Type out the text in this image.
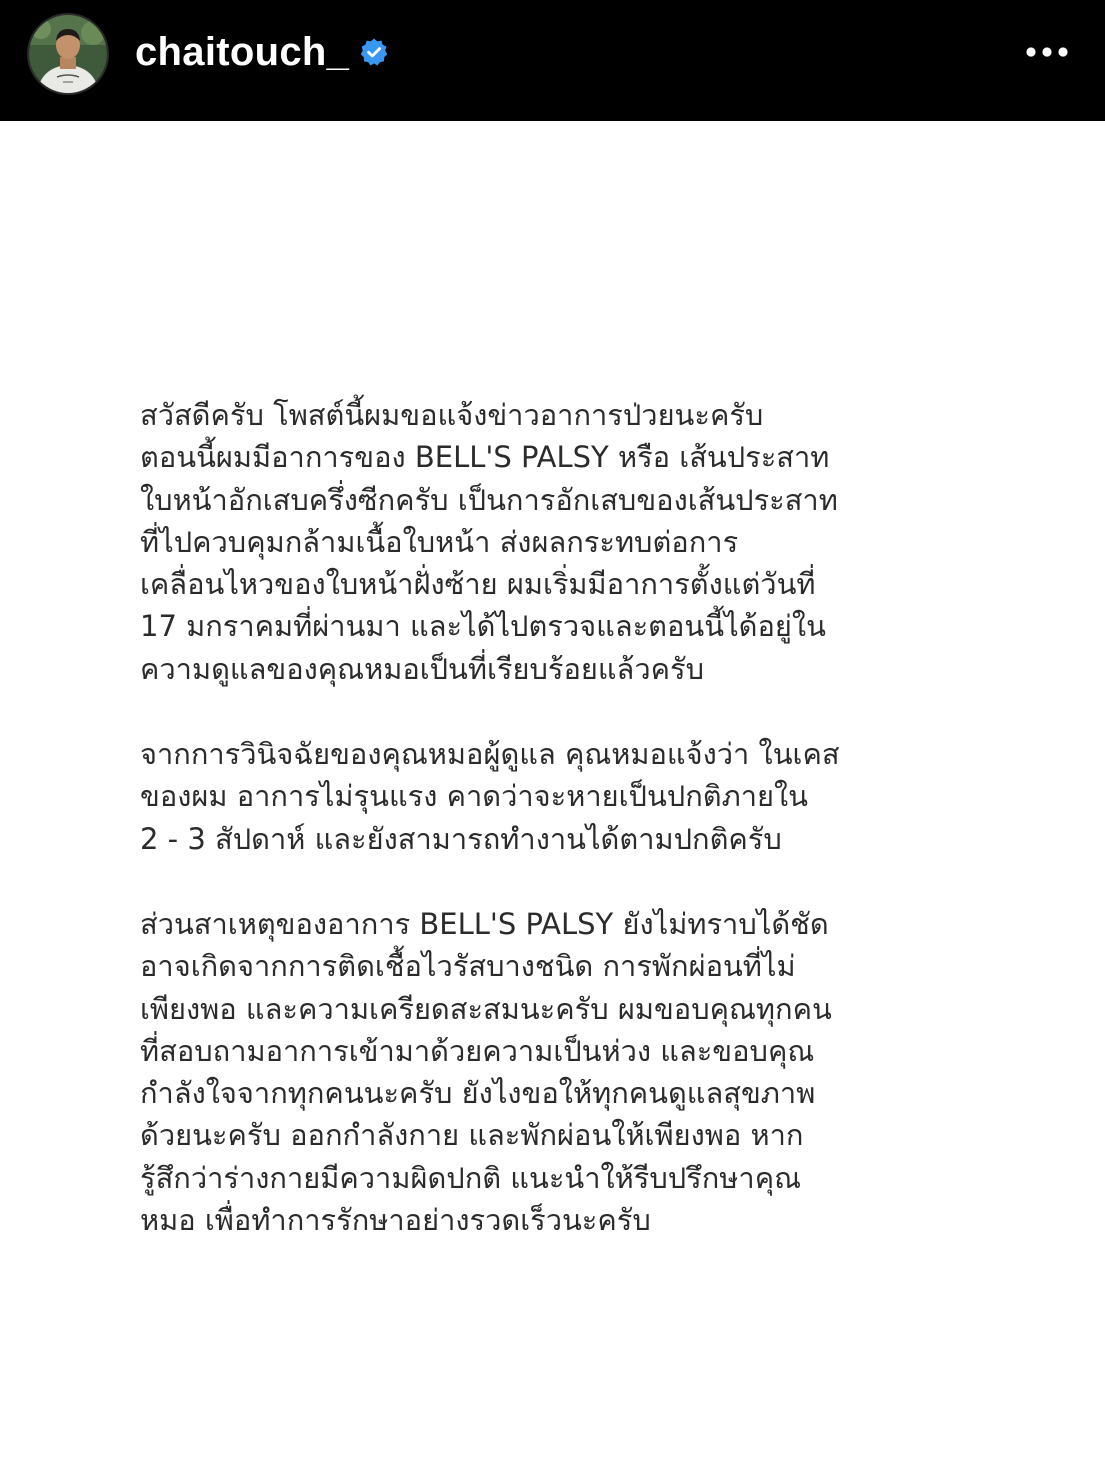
chaitouch_

สวัสดีครับ โพสต์นี้ผมขอแจ้งข่าวอาการป่วยนะครับ
ตอนนี้ผมมีอาการของ BELL'S PALSY หรือ เส้นประสาท
ใบหน้าอักเสบครึ่งซีกครับ เป็นการอักเสบของเส้นประสาท
ที่ไปควบคุมกล้ามเนื้อใบหน้า ส่งผลกระทบต่อการ
เคลื่อนไหวของใบหน้าฝั่งซ้าย ผมเริ่มมีอาการตั้งแต่วันที่
17 มกราคมที่ผ่านมา และได้ไปตรวจและตอนนี้ได้อยู่ใน
ความดูแลของคุณหมอเป็นที่เรียบร้อยแล้วครับ

จากการวินิจฉัยของคุณหมอผู้ดูแล คุณหมอแจ้งว่า ในเคส
ของผม อาการไม่รุนแรง คาดว่าจะหายเป็นปกติภายใน
2 - 3 สัปดาห์ และยังสามารถทำงานได้ตามปกติครับ

ส่วนสาเหตุของอาการ BELL'S PALSY ยังไม่ทราบได้ชัด
อาจเกิดจากการติดเชื้อไวรัสบางชนิด การพักผ่อนที่ไม่
เพียงพอ และความเครียดสะสมนะครับ ผมขอบคุณทุกคน
ที่สอบถามอาการเข้ามาด้วยความเป็นห่วง และขอบคุณ
กำลังใจจากทุกคนนะครับ ยังไงขอให้ทุกคนดูแลสุขภาพ
ด้วยนะครับ ออกกำลังกาย และพักผ่อนให้เพียงพอ หาก
รู้สึกว่าร่างกายมีความผิดปกติ แนะนำให้รีบปรึกษาคุณ
หมอ เพื่อทำการรักษาอย่างรวดเร็วนะครับ
